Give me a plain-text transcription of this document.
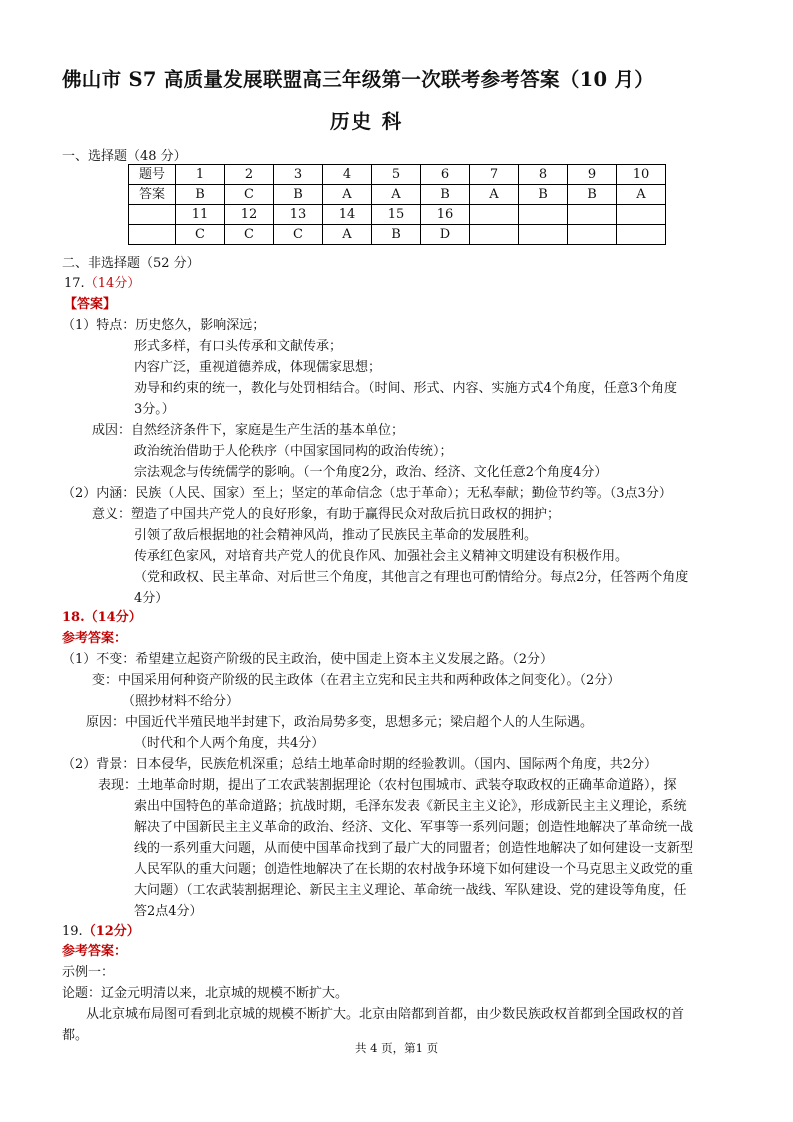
佛山市 S7 高质量发展联盟高三年级第一次联考参考答案（10 月）
历史 科
一、选择题（48 分）
题号	1	2	3	4	5	6	7	8	9	10
答案	B	C	B	A	A	B	A	B	B	A
	11	12	13	14	15	16				
	C	C	C	A	B	D				
二、非选择题（52 分）
17.（14分）
【答案】
（1）特点：历史悠久，影响深远；
形式多样，有口头传承和文献传承；
内容广泛，重视道德养成，体现儒家思想；
劝导和约束的统一，教化与处罚相结合。（时间、形式、内容、实施方式4个角度，任意3个角度
3分。）
成因：自然经济条件下，家庭是生产生活的基本单位；
政治统治借助于人伦秩序（中国家国同构的政治传统）；
宗法观念与传统儒学的影响。（一个角度2分，政治、经济、文化任意2个角度4分）
（2）内涵：民族（人民、国家）至上；坚定的革命信念（忠于革命）；无私奉献；勤俭节约等。（3点3分）
意义：塑造了中国共产党人的良好形象，有助于赢得民众对敌后抗日政权的拥护；
引领了敌后根据地的社会精神风尚，推动了民族民主革命的发展胜利。
传承红色家风，对培育共产党人的优良作风、加强社会主义精神文明建设有积极作用。
（党和政权、民主革命、对后世三个角度，其他言之有理也可酌情给分。每点2分，任答两个角度
4分）
18.（14分）
参考答案：
（1）不变：希望建立起资产阶级的民主政治，使中国走上资本主义发展之路。（2分）
变：中国采用何种资产阶级的民主政体（在君主立宪和民主共和两种政体之间变化）。（2分）
（照抄材料不给分）
原因：中国近代半殖民地半封建下，政治局势多变，思想多元；梁启超个人的人生际遇。
（时代和个人两个角度，共4分）
（2）背景：日本侵华，民族危机深重；总结土地革命时期的经验教训。（国内、国际两个角度，共2分）
表现：土地革命时期，提出了工农武装割据理论（农村包围城市、武装夺取政权的正确革命道路），探
索出中国特色的革命道路；抗战时期，毛泽东发表《新民主主义论》，形成新民主主义理论，系统
解决了中国新民主主义革命的政治、经济、文化、军事等一系列问题；创造性地解决了革命统一战
线的一系列重大问题，从而使中国革命找到了最广大的同盟者；创造性地解决了如何建设一支新型
人民军队的重大问题；创造性地解决了在长期的农村战争环境下如何建设一个马克思主义政党的重
大问题）（工农武装割据理论、新民主主义理论、革命统一战线、军队建设、党的建设等角度，任
答2点4分）
19.（12分）
参考答案：
示例一：
论题：辽金元明清以来，北京城的规模不断扩大。
从北京城布局图可看到北京城的规模不断扩大。北京由陪都到首都，由少数民族政权首都到全国政权的首
都。
共 4 页，第1 页
